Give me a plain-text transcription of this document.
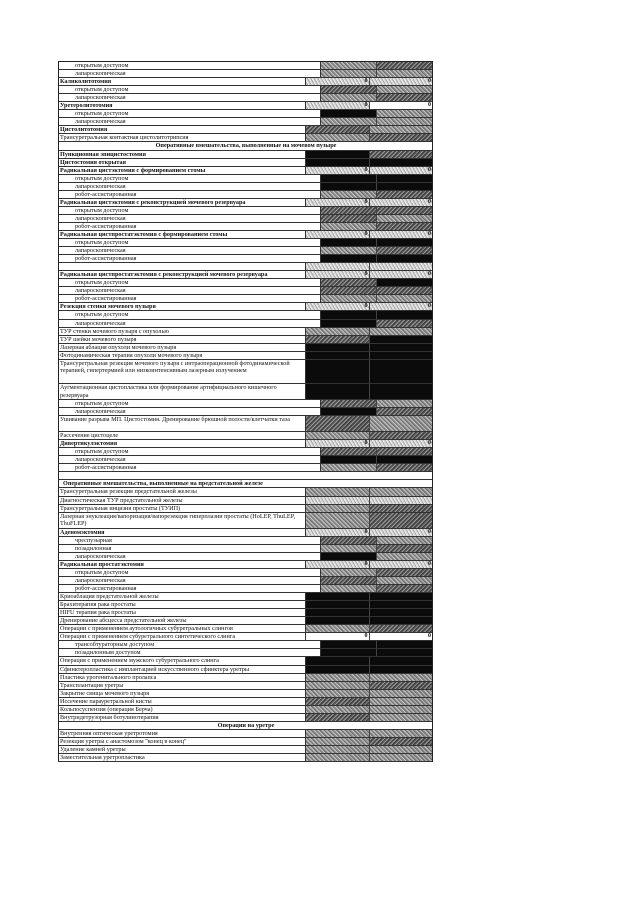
открытым доступом
лапароскопическая
Калнколнтотомия	0	0
открытым доступом
лапароскопическая
Уретеролитотомия	0	0
открытым доступом
лапароскопическая
Цистолитотомия
Трансуретральная контактная цистолитотрипсия
Оперативные вмешательства, выполненные на мочевом пузыре
Пункционная эпицистостомия
Цистостомия открытая
Радикальная цистэктомия с формированием стомы	0	0
открытым доступом
лапароскопическая
робот-ассистированная
Радикальная цистэктомия с реконструкцией мочевого резервуара	0	0
открытым доступом
лапароскопическая
робот-ассистированная
Радикальная цистпростатэктомия с формированием стомы	0	0
открытым доступом
лапароскопическая
робот-ассистированная
Радикальная цистпростатэктомия с реконструкцией мочевого резервуара	0	0
открытым доступом
лапароскопическая
робот-ассистированная
Резекция стенки мочевого пузыря	0	0
открытым доступом
лапароскопическая
ТУР стенки мочевого пузыря с опухолью
ТУР шейки мочевого пузыря
Лазерная аблация опухоли мочевого пузыря
Фотодинамическая терапия опухоли мочевого пузыря
Трансуретральная резекция мочевого пузыря с интраоперационной фотодинамической терапией, гипертермией или низкоинтенсивным лазерным излучением
Аугментационная цистопластика или формирование артифициального кишечного резервуара
открытым доступом
лапароскопическая
Ушивание разрыва МП. Цистостомия. Дренирование брюшной полости/клетчатки таза
Рассечение цистоцеле
Дивертикулэктомия	0	0
открытым доступом
лапароскопическая
робот-ассистированная
Оперативные вмешательства, выполненные на предстательной железе
Трансуретральная резекция предстательной железы
Диагностическая ТУР предстательной железы
Трансуретральная инцизия простаты (ТУИП)
Лазерная энуклеация/вапоризация/вапорезекция гиперплазии простаты (HoLEP, ThuLEP, ThuFLEP)
Аденомэктомия	0	0
чреспузырная
позадилонная
лапароскопическая
Радикальная простатэктомия	0	0
открытым доступом
лапароскопическая
робот-ассистированная
Криоаблация предстательной железы
Брахитерапия рака простаты
HIFU терапия рака простаты
Дренирование абсцесса предстательной железы
Операции с применением аутологичных субуретральных слингов
Операции с применением субуретрального синтетического слинга	0	0
трансобтураторным доступом
позадилонным доступом
Операция с применением мужского субуретрального слинга
Сфинктеропластика с имплантацией искусственного сфинктера уретры
Пластика урогенитального пролапса
Трансплантация уретры
Закрытие свища мочевого пузыря
Иссечение парауретральной кисты
Кольпосуспензия (операция Берча)
Внутридетрузорная ботулинотерапия
Операции на уретре
Внутренняя оптическая уретротомия
Резекция уретры с анастомозом "конец в конец"
Удаление камней уретры
Заместительная уретропластика
